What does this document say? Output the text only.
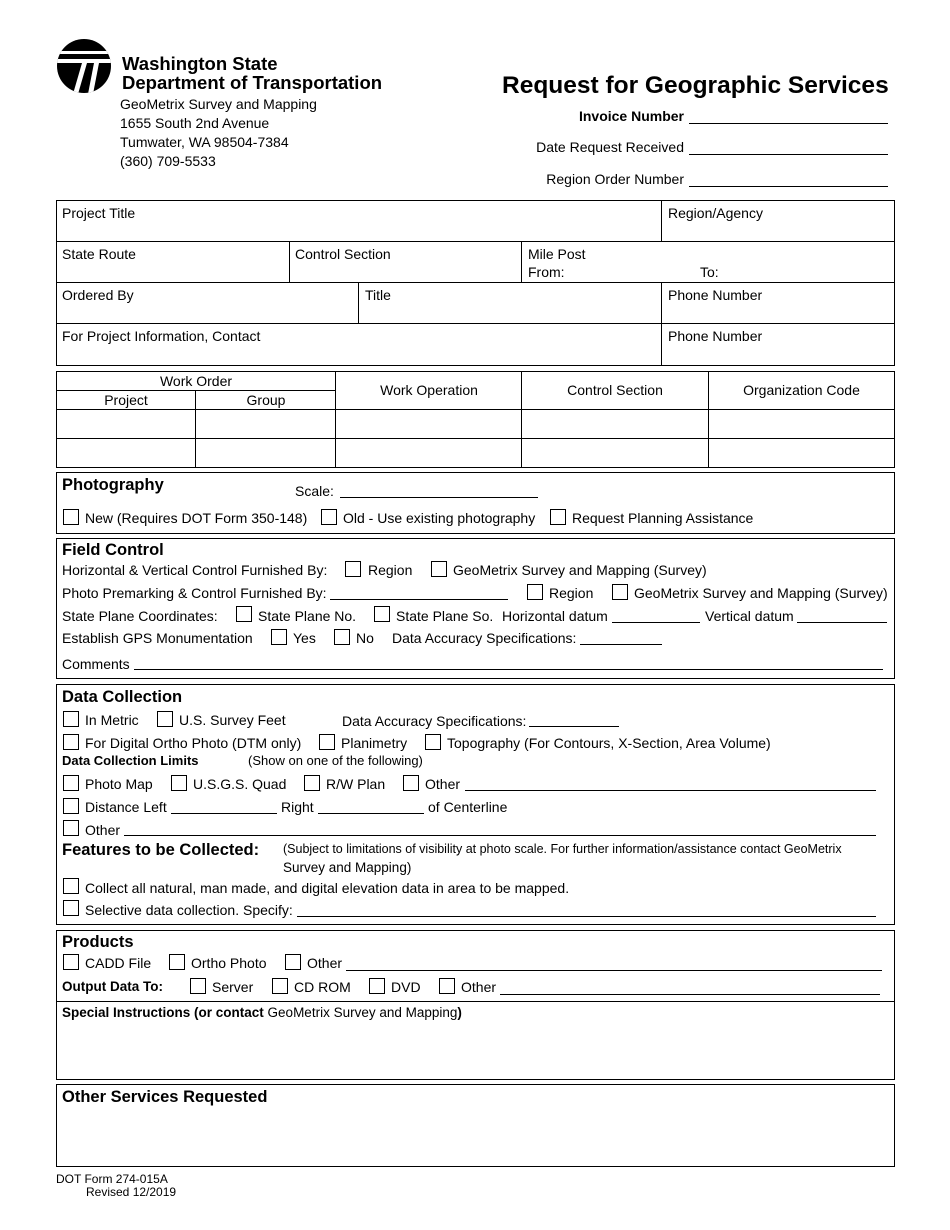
Washington State
Department of Transportation
GeoMetrix Survey and Mapping
1655 South 2nd Avenue
Tumwater, WA 98504-7384
(360) 709-5533
Request for Geographic Services
Invoice Number
Date Request Received
Region Order Number
Project Title	Region/Agency
State Route	Control Section	Mile Post
From:	To:
Ordered By	Title	Phone Number
For Project Information, Contact	Phone Number
Work Order
Project	Group
Work Operation	Control Section	Organization Code
Photography	Scale:
New (Requires DOT Form 350-148)	Old - Use existing photography	Request Planning Assistance
Field Control
Horizontal & Vertical Control Furnished By:	Region	GeoMetrix Survey and Mapping (Survey)
Photo Premarking & Control Furnished By:	Region	GeoMetrix Survey and Mapping (Survey)
State Plane Coordinates:	State Plane No.	State Plane So. Horizontal datum	Vertical datum
Establish GPS Monumentation	Yes	No Data Accuracy Specifications:
Comments
Data Collection
In Metric	U.S. Survey Feet	Data Accuracy Specifications:
For Digital Ortho Photo (DTM only)	Planimetry	Topography (For Contours, X-Section, Area Volume)
Data Collection Limits	(Show on one of the following)
Photo Map	U.S.G.S. Quad	R/W Plan	Other
Distance Left	Right	of Centerline
Other
Features to be Collected: (Subject to limitations of visibility at photo scale. For further information/assistance contact GeoMetrix
Survey and Mapping)
Collect all natural, man made, and digital elevation data in area to be mapped.
Selective data collection. Specify:
Products
CADD File	Ortho Photo	Other
Output Data To:	Server	CD ROM	DVD	Other
Special Instructions (or contact GeoMetrix Survey and Mapping)
Other Services Requested
DOT Form 274-015A
Revised 12/2019
